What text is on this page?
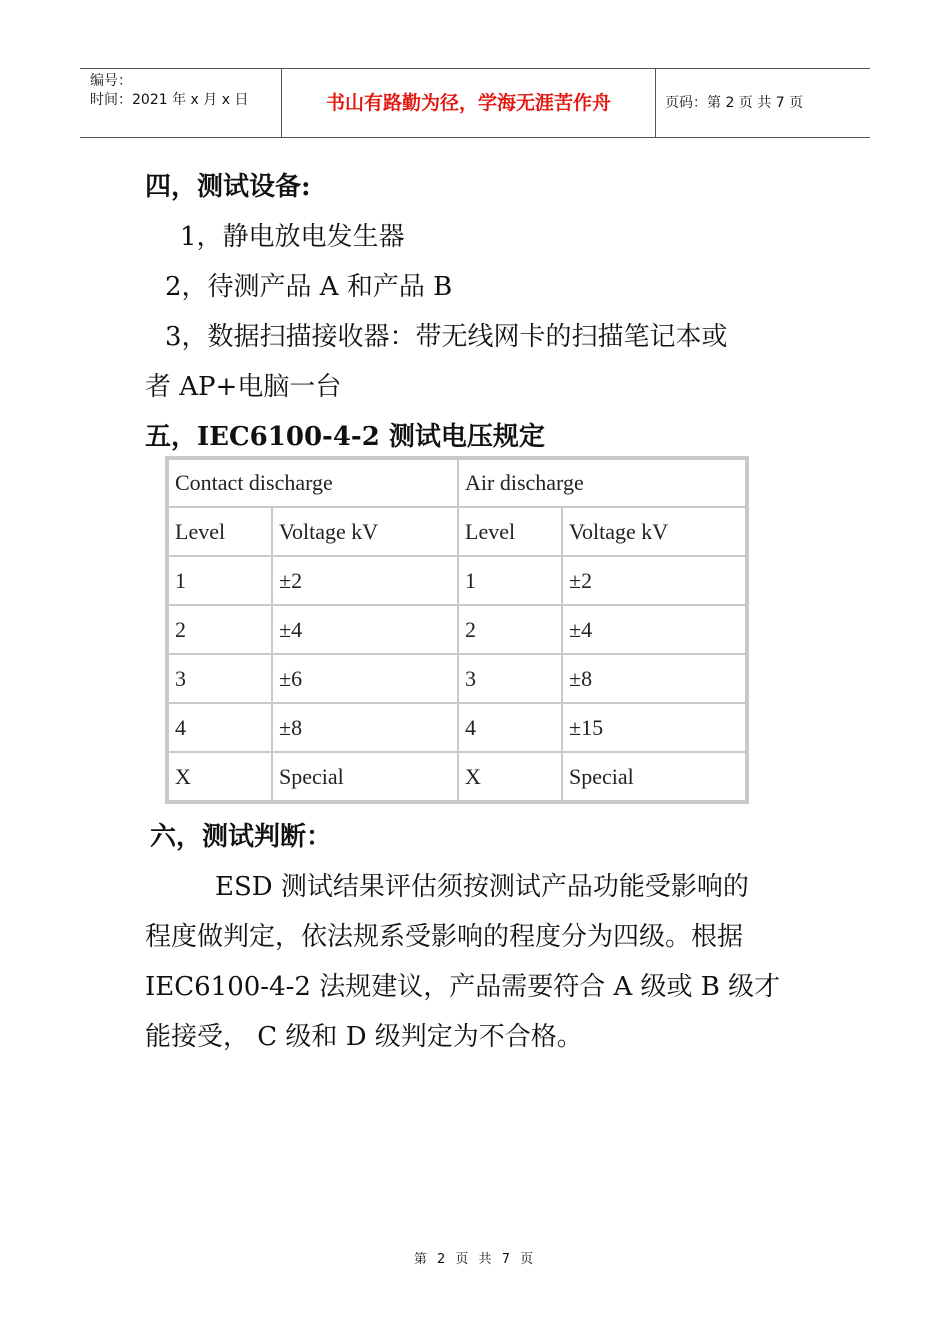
编号：
时间：2021 年 x 月 x 日	书山有路勤为径，学海无涯苦作舟	页码：第 2 页 共 7 页
四，测试设备:
1，静电放电发生器
2，待测产品 A 和产品 B
3，数据扫描接收器：带无线网卡的扫描笔记本或
者 AP+电脑一台
五，IEC6100-4-2 测试电压规定
Contact discharge	Air discharge
Level	Voltage kV	Level	Voltage kV
1	±2	1	±2
2	±4	2	±4
3	±6	3	±8
4	±8	4	±15
X	Special	X	Special
六，测试判断：
ESD 测试结果评估须按测试产品功能受影响的
程度做判定，依法规系受影响的程度分为四级。根据
IEC6100-4-2 法规建议，产品需要符合 A 级或 B 级才
能接受， C 级和 D 级判定为不合格。
第 2 页 共 7 页
